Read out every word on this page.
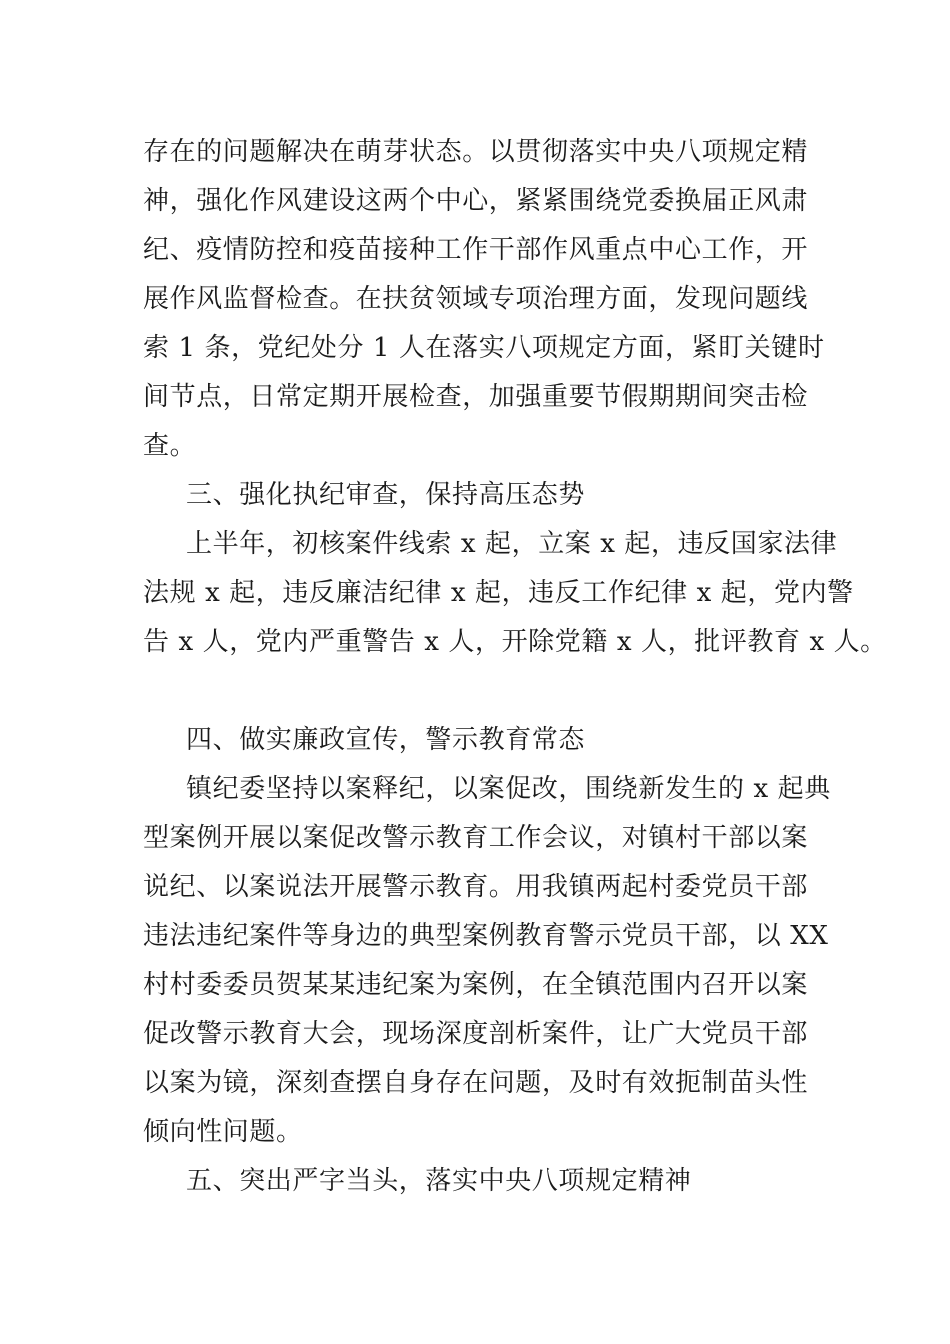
存在的问题解决在萌芽状态。以贯彻落实中央八项规定精
神，强化作风建设这两个中心，紧紧围绕党委换届正风肃
纪、疫情防控和疫苗接种工作干部作风重点中心工作，开
展作风监督检查。在扶贫领域专项治理方面，发现问题线
索 1 条，党纪处分 1 人在落实八项规定方面，紧盯关键时
间节点，日常定期开展检查，加强重要节假期期间突击检
查。
三、强化执纪审查，保持高压态势
上半年，初核案件线索 x 起，立案 x 起，违反国家法律
法规 x 起，违反廉洁纪律 x 起，违反工作纪律 x 起，党内警
告 x 人，党内严重警告 x 人，开除党籍 x 人，批评教育 x 人。
四、做实廉政宣传，警示教育常态
镇纪委坚持以案释纪，以案促改，围绕新发生的 x 起典
型案例开展以案促改警示教育工作会议，对镇村干部以案
说纪、以案说法开展警示教育。用我镇两起村委党员干部
违法违纪案件等身边的典型案例教育警示党员干部，以 XX
村村委委员贺某某违纪案为案例，在全镇范围内召开以案
促改警示教育大会，现场深度剖析案件，让广大党员干部
以案为镜，深刻查摆自身存在问题，及时有效扼制苗头性
倾向性问题。
五、突出严字当头，落实中央八项规定精神
